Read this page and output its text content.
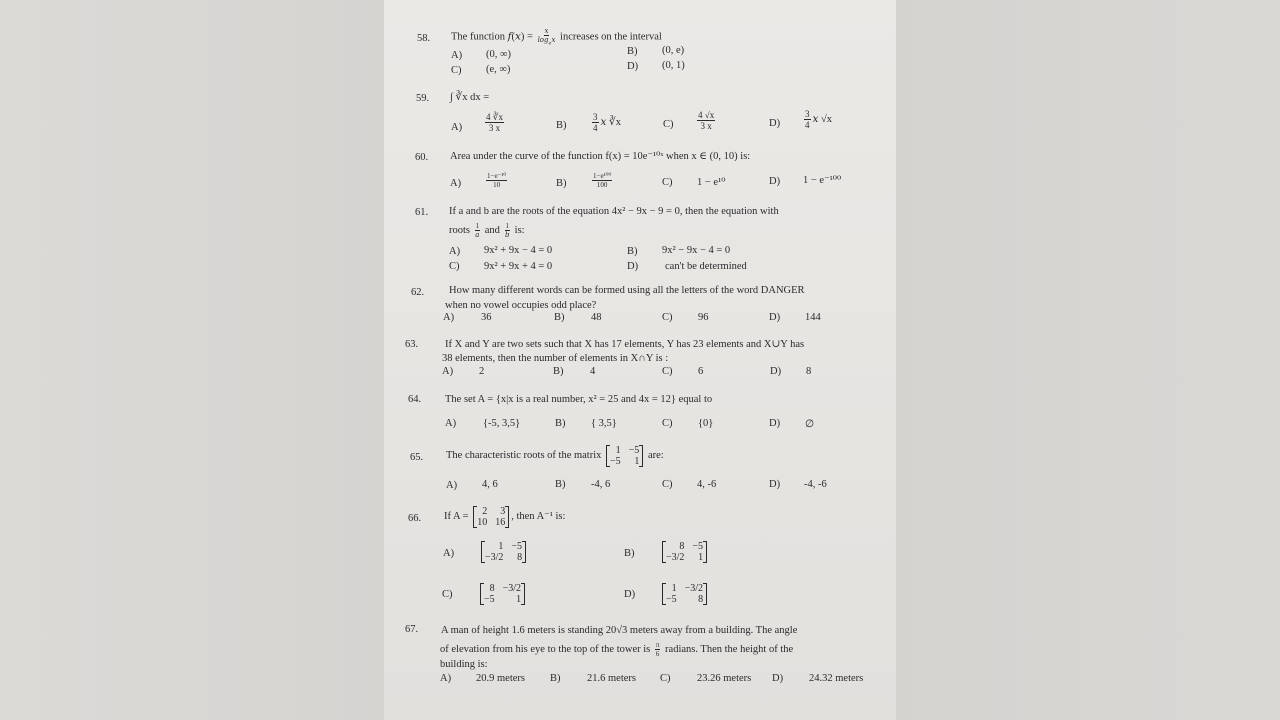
58. The function $f(x) = \frac{x}{\log_ex}$ increases on the interval
A) (0, ∞)	B) (0, e)
C) (e, ∞)	D) (0, 1)
59. ∫ ∛x dx =
A)	$\frac{4 ∛x}{3 x}$	B)	$\frac{3}{4}$ x ∛x	C)	$\frac{4 √x}{3 x}$	D)	$\frac{3}{4}$ x √x
60. Area under the curve of the function f(x) = 10e⁻¹⁰ˣ when x ∈ (0, 10) is:
A)	$\frac{\text{1−e⁻¹⁰}}{10}$	B)	$\frac{\text{1−e¹⁰⁰}}{100}$	C) 1 − e¹⁰	D) 1 − e⁻¹⁰⁰
61. If a and b are the roots of the equation 4x² − 9x − 9 = 0, then the equation with
roots $\frac{1}{a}$ and $\frac{1}{b}$ is:
A) 9x² + 9x − 4 = 0	B) 9x² − 9x − 4 = 0
C) 9x² + 9x + 4 = 0	D)	can't be determined
62. How many different words can be formed using all the letters of the word DANGER
when no vowel occupies odd place?
A)	36	B)	48	C) 96	D) 144
63.	If X and Y are two sets such that X has 17 elements, Y has 23 elements and X∪Y has
38 elements, then the number of elements in X∩Y is :
A) 2	B)	4	C) 6	D) 8
64. The set A = {x|x is a real number, x² = 25 and 4x = 12} equal to
A)	{-5, 3,5}	B) { 3,5}	C) {0}	D) ∅
65. The characteristic roots of the matrix	1 −5
−5	1
are:
A) 4, 6	B) -4, 6	C) 4, -6	D) -4, -6
66. If A =	2	3
10 16
, then A⁻¹ is:
A)
1 −5
−3/2	8	B)
8 −5
−3/2	1
C)
8 −3/2
−5	1	D)
1 −3/2
−5	8
67. A man of height 1.6 meters is standing 20√3 meters away from a building. The angle
of elevation from his eye to the top of the tower is $\frac{\pi}{6}$ radians. Then the height of the
building is:
A) 20.9 meters B)	21.6 meters C)	23.26 meters D) 24.32 meters
